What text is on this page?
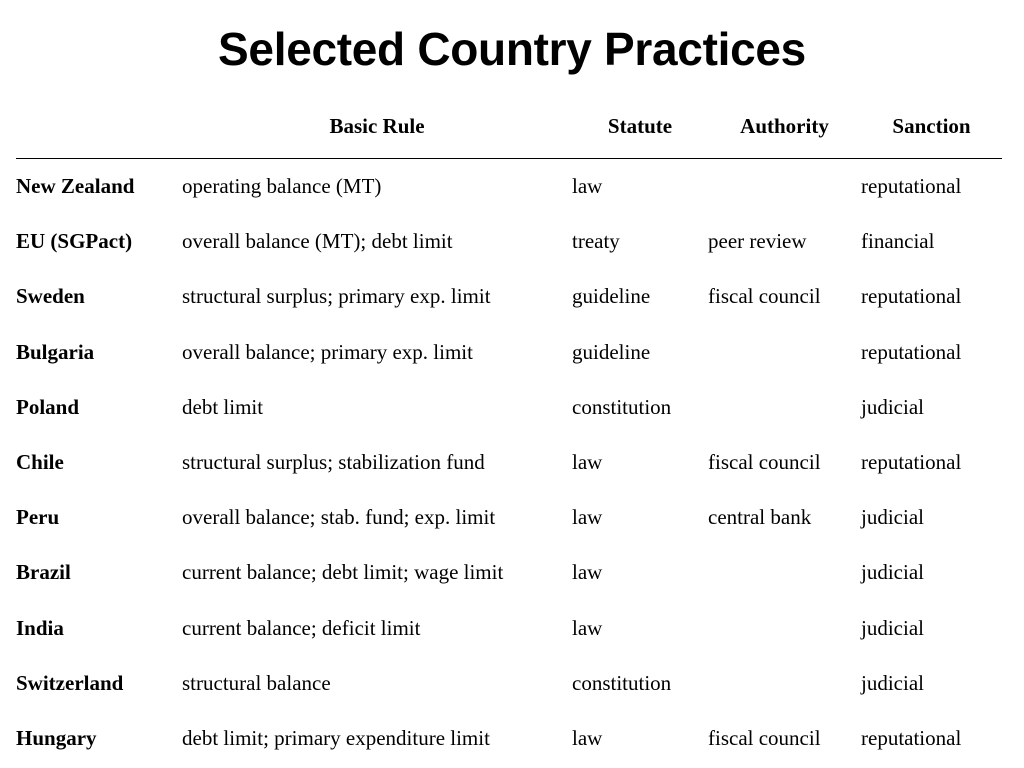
Selected Country Practices
	Basic Rule	Statute	Authority	Sanction
New Zealand	operating balance (MT)	law		reputational
EU (SGPact)	overall balance (MT); debt limit	treaty	peer review	financial
Sweden	structural surplus; primary exp. limit	guideline	fiscal council	reputational
Bulgaria	overall balance; primary exp. limit	guideline		reputational
Poland	debt limit	constitution		judicial
Chile	structural surplus; stabilization fund	law	fiscal council	reputational
Peru	overall balance; stab. fund; exp. limit	law	central bank	judicial
Brazil	current balance; debt limit; wage limit	law		judicial
India	current balance; deficit limit	law		judicial
Switzerland	structural balance	constitution		judicial
Hungary	debt limit; primary expenditure limit	law	fiscal council	reputational
